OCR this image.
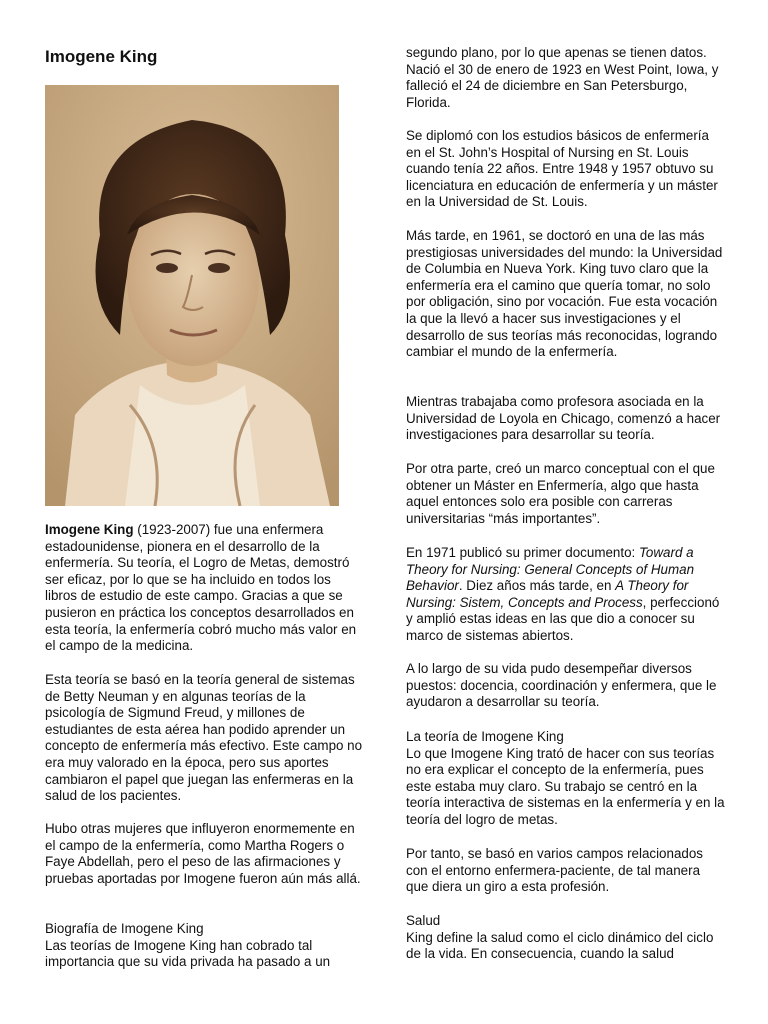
Imogene King

Imogene King (1923-2007) fue una enfermera estadounidense, pionera en el desarrollo de la enfermería. Su teoría, el Logro de Metas, demostró ser eficaz, por lo que se ha incluido en todos los libros de estudio de este campo. Gracias a que se pusieron en práctica los conceptos desarrollados en esta teoría, la enfermería cobró mucho más valor en el campo de la medicina.

Esta teoría se basó en la teoría general de sistemas de Betty Neuman y en algunas teorías de la psicología de Sigmund Freud, y millones de estudiantes de esta aérea han podido aprender un concepto de enfermería más efectivo. Este campo no era muy valorado en la época, pero sus aportes cambiaron el papel que juegan las enfermeras en la salud de los pacientes.

Hubo otras mujeres que influyeron enormemente en el campo de la enfermería, como Martha Rogers o Faye Abdellah, pero el peso de las afirmaciones y pruebas aportadas por Imogene fueron aún más allá.

Biografía de Imogene King
Las teorías de Imogene King han cobrado tal importancia que su vida privada ha pasado a un

segundo plano, por lo que apenas se tienen datos. Nació el 30 de enero de 1923 en West Point, Iowa, y falleció el 24 de diciembre en San Petersburgo, Florida.

Se diplomó con los estudios básicos de enfermería en el St. John’s Hospital of Nursing en St. Louis cuando tenía 22 años. Entre 1948 y 1957 obtuvo su licenciatura en educación de enfermería y un máster en la Universidad de St. Louis.

Más tarde, en 1961, se doctoró en una de las más prestigiosas universidades del mundo: la Universidad de Columbia en Nueva York. King tuvo claro que la enfermería era el camino que quería tomar, no solo por obligación, sino por vocación. Fue esta vocación la que la llevó a hacer sus investigaciones y el desarrollo de sus teorías más reconocidas, logrando cambiar el mundo de la enfermería.

Mientras trabajaba como profesora asociada en la Universidad de Loyola en Chicago, comenzó a hacer investigaciones para desarrollar su teoría.

Por otra parte, creó un marco conceptual con el que obtener un Máster en Enfermería, algo que hasta aquel entonces solo era posible con carreras universitarias “más importantes”.

En 1971 publicó su primer documento: Toward a Theory for Nursing: General Concepts of Human Behavior. Diez años más tarde, en A Theory for Nursing: Sistem, Concepts and Process, perfeccionó y amplió estas ideas en las que dio a conocer su marco de sistemas abiertos.

A lo largo de su vida pudo desempeñar diversos puestos: docencia, coordinación y enfermera, que le ayudaron a desarrollar su teoría.

La teoría de Imogene King
Lo que Imogene King trató de hacer con sus teorías no era explicar el concepto de la enfermería, pues este estaba muy claro. Su trabajo se centró en la teoría interactiva de sistemas en la enfermería y en la teoría del logro de metas.

Por tanto, se basó en varios campos relacionados con el entorno enfermera-paciente, de tal manera que diera un giro a esta profesión.

Salud
King define la salud como el ciclo dinámico del ciclo de la vida. En consecuencia, cuando la salud
